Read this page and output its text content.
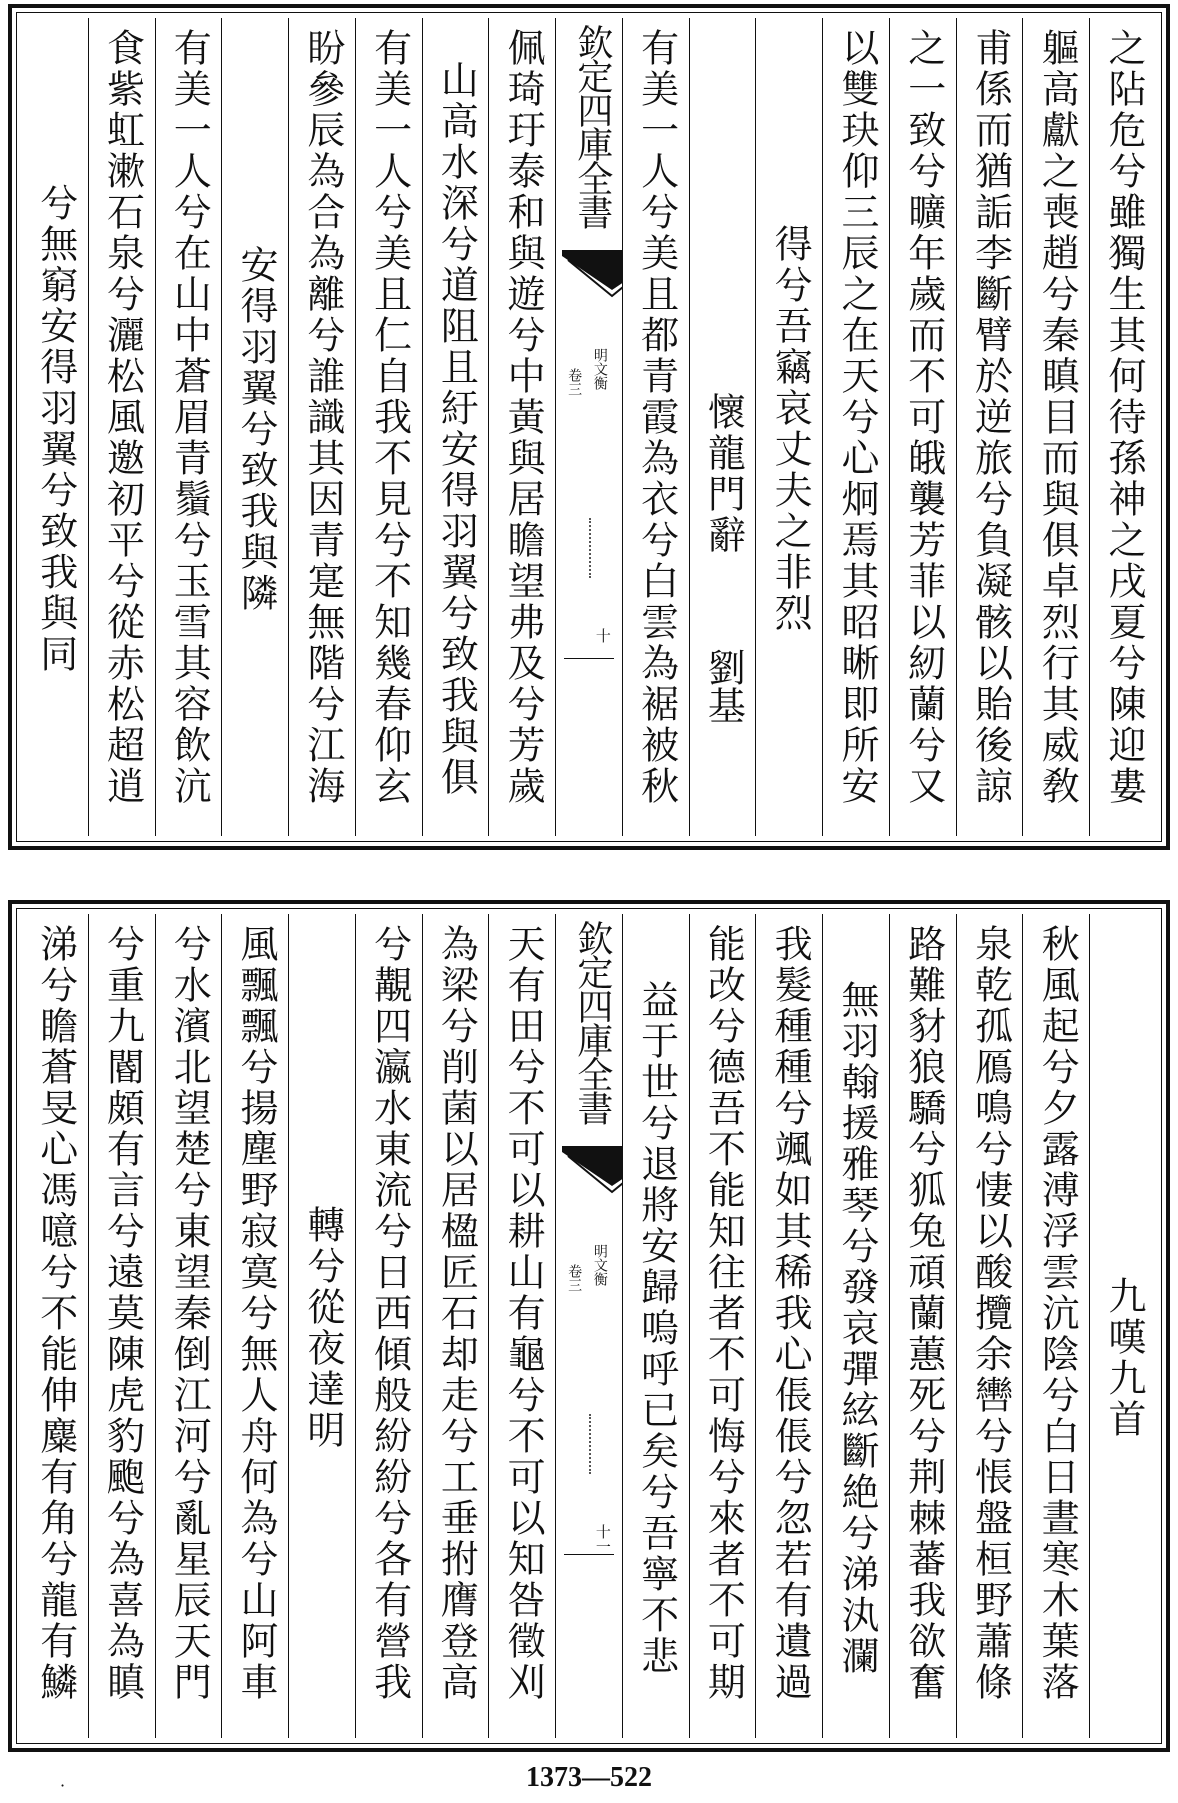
之阽危兮雖獨生其何待孫神之戌夏兮陳迎婁
軀高獻之喪趙兮秦瞋目而與俱卓烈行其威敎
甫係而猶詬李斷臂於逆旅兮負凝骸以貽後諒
之一致兮曠年歲而不可皒襲芳菲以紉蘭兮又
以雙玦仰三辰之在天兮心炯焉其昭晰即所安
得兮吾竊哀丈夫之非烈
懷龍門辭
劉基
有美一人兮美且都青霞為衣兮白雲為裾被秋
欽定四庫全書
明文衡
卷三
十
佩琦玗泰和與遊兮中黃與居瞻望弗及兮芳歲
山高水深兮道阻且紆安得羽翼兮致我與俱
有美一人兮美且仁自我不見兮不知幾春仰玄
盼參辰為合為離兮誰識其因青寔無階兮江海
安得羽翼兮致我與隣
有美一人兮在山中蒼眉青鬚兮玉雪其容飲沆
食紫虹漱石泉兮灑松風邀初平兮從赤松超逍
兮無窮安得羽翼兮致我與同
九嘆九首
秋風起兮夕露溥浮雲沆陰兮白日晝寒木葉落
泉乾孤鴈鳴兮悽以酸攬余轡兮悵盤桓野蕭條
路難豺狼驕兮狐兔頑蘭蕙死兮荆棘蕃我欲奮
無羽翰援雅琴兮發哀彈絃斷絶兮涕汍瀾
我髮種種兮颯如其稀我心倀倀兮忽若有遺過
能改兮德吾不能知往者不可悔兮來者不可期
益于世兮退將安歸嗚呼已矣兮吾寧不悲
欽定四庫全書
明文衡
卷三
十一
天有田兮不可以耕山有龜兮不可以知咎徵刈
為梁兮削菌以居楹匠石却走兮工垂拊膺登高
兮覯四瀛水東流兮日西傾般紛紛兮各有營我
轉兮從夜達明
風飄飄兮揚塵野寂寞兮無人舟何為兮山阿車
兮水濱北望楚兮東望秦倒江河兮亂星辰天門
兮重九閽頗有言兮遠莫陳虎豹颮兮為喜為瞋
涕兮瞻蒼旻心馮噫兮不能伸麋有角兮龍有鱗
·	1373—522
